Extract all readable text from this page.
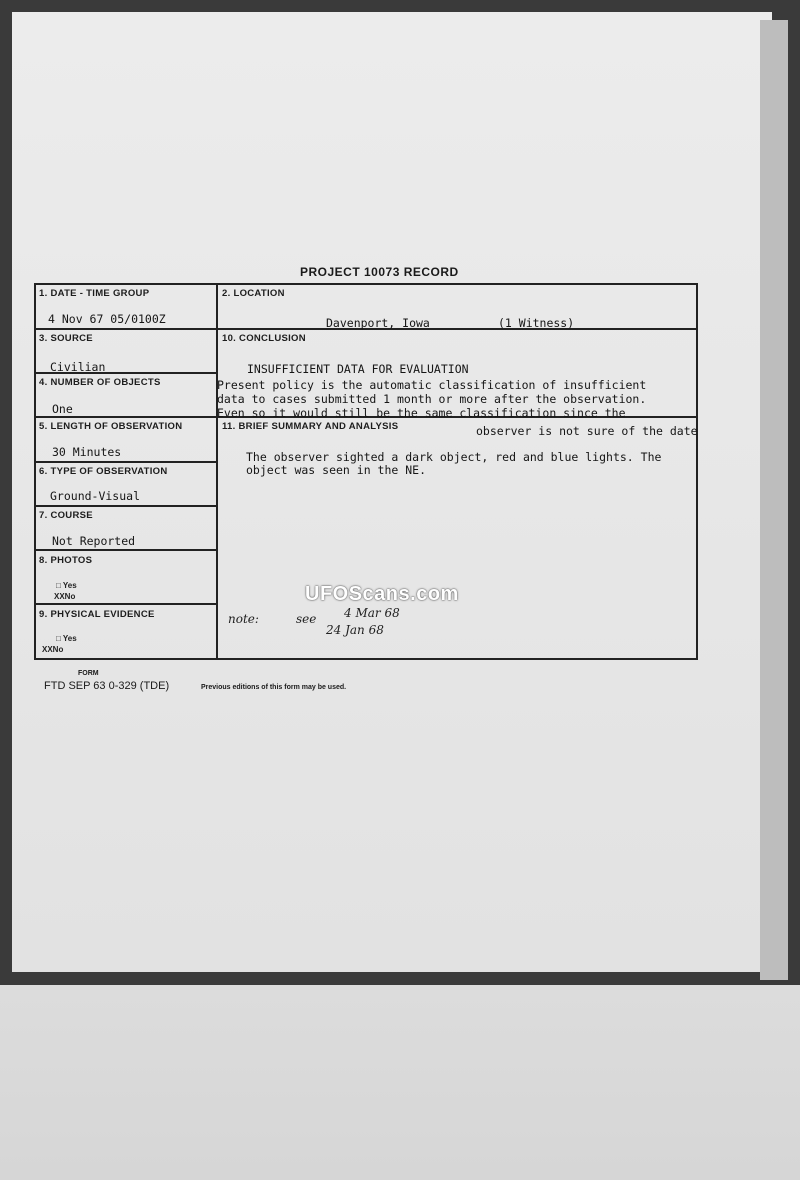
PROJECT 10073 RECORD
1. DATE - TIME GROUP
4 Nov 67 05/0100Z
2. LOCATION
Davenport, Iowa	(1 Witness)
3. SOURCE
Civilian
10. CONCLUSION
INSUFFICIENT DATA FOR EVALUATION
Present policy is the automatic classification of insufficient
data to cases submitted 1 month or more after the observation.
Even so it would still be the same classification since the
4. NUMBER OF OBJECTS
One
5. LENGTH OF OBSERVATION
30 Minutes
11. BRIEF SUMMARY AND ANALYSIS	observer is not sure of the date
The observer sighted a dark object, red and blue lights. The
object was seen in the NE.
6. TYPE OF OBSERVATION
Ground-Visual
7. COURSE
Not Reported
8. PHOTOS
□ Yes
XXNo
9. PHYSICAL EVIDENCE
□ Yes
XXNo
note:	see 4 Mar 68
24 Jan 68
UFOScans.com
FORM
FTD SEP 63 0-329 (TDE)	Previous editions of this form may be used.
